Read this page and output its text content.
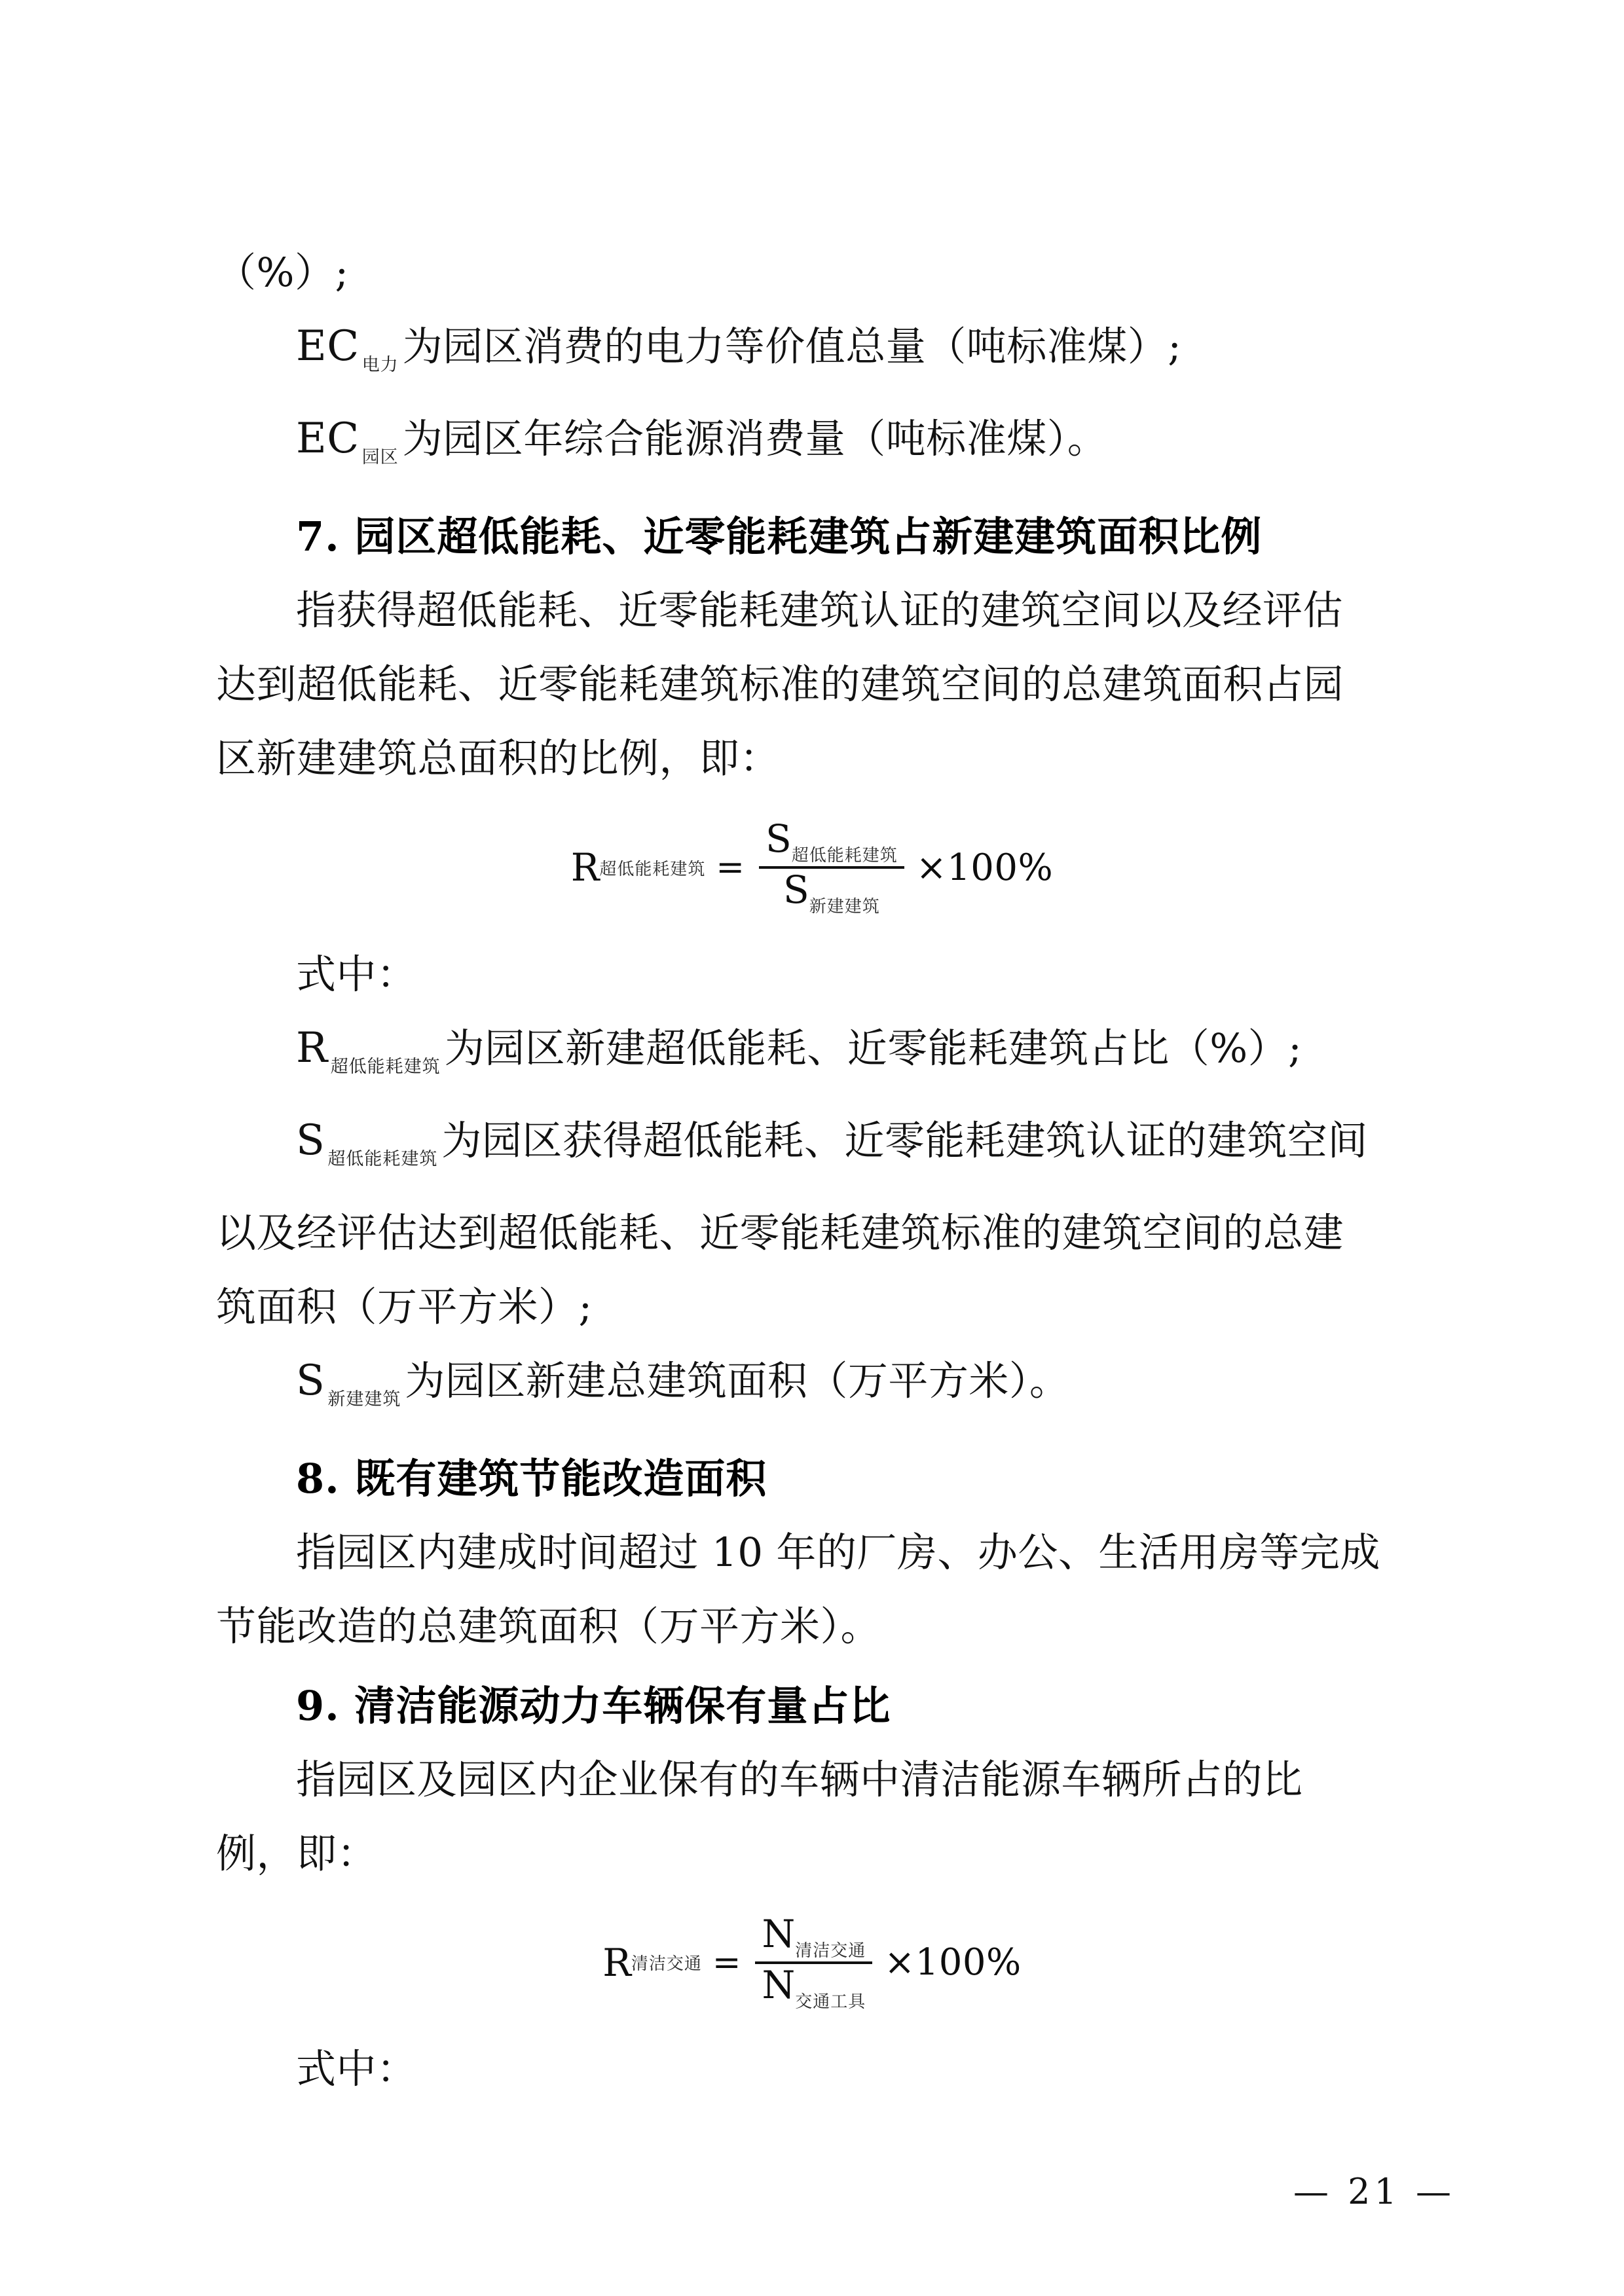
（%）;
EC $_{电力}$为园区消费的电力等价值总量（吨标准煤）;
EC $_{园区}$为园区年综合能源消费量（吨标准煤）。
7. 园区超低能耗、近零能耗建筑占新建建筑面积比例
指获得超低能耗、近零能耗建筑认证的建筑空间以及经评估
达到超低能耗、近零能耗建筑标准的建筑空间的总建筑面积占园
区新建建筑总面积的比例，即：
R 超低能耗建筑 = $\frac{S_{超低能耗建筑}}{S_{新建建筑}} \times 100\%$
式中：
R $_{超低能耗建筑}$为园区新建超低能耗、近零能耗建筑占比（%）;
S $_{超低能耗建筑}$为园区获得超低能耗、近零能耗建筑认证的建筑空间
以及经评估达到超低能耗、近零能耗建筑标准的建筑空间的总建
筑面积（万平方米）;
S $_{新建建筑}$为园区新建总建筑面积（万平方米）。
8. 既有建筑节能改造面积
指园区内建成时间超过 10 年的厂房、办公、生活用房等完成
节能改造的总建筑面积（万平方米）。
9. 清洁能源动力车辆保有量占比
指园区及园区内企业保有的车辆中清洁能源车辆所占的比
例，即：
R 清洁交通 = $\frac{N_{清洁交通}}{N_{交通工具}} \times 100\%$
式中：
— 21 —
